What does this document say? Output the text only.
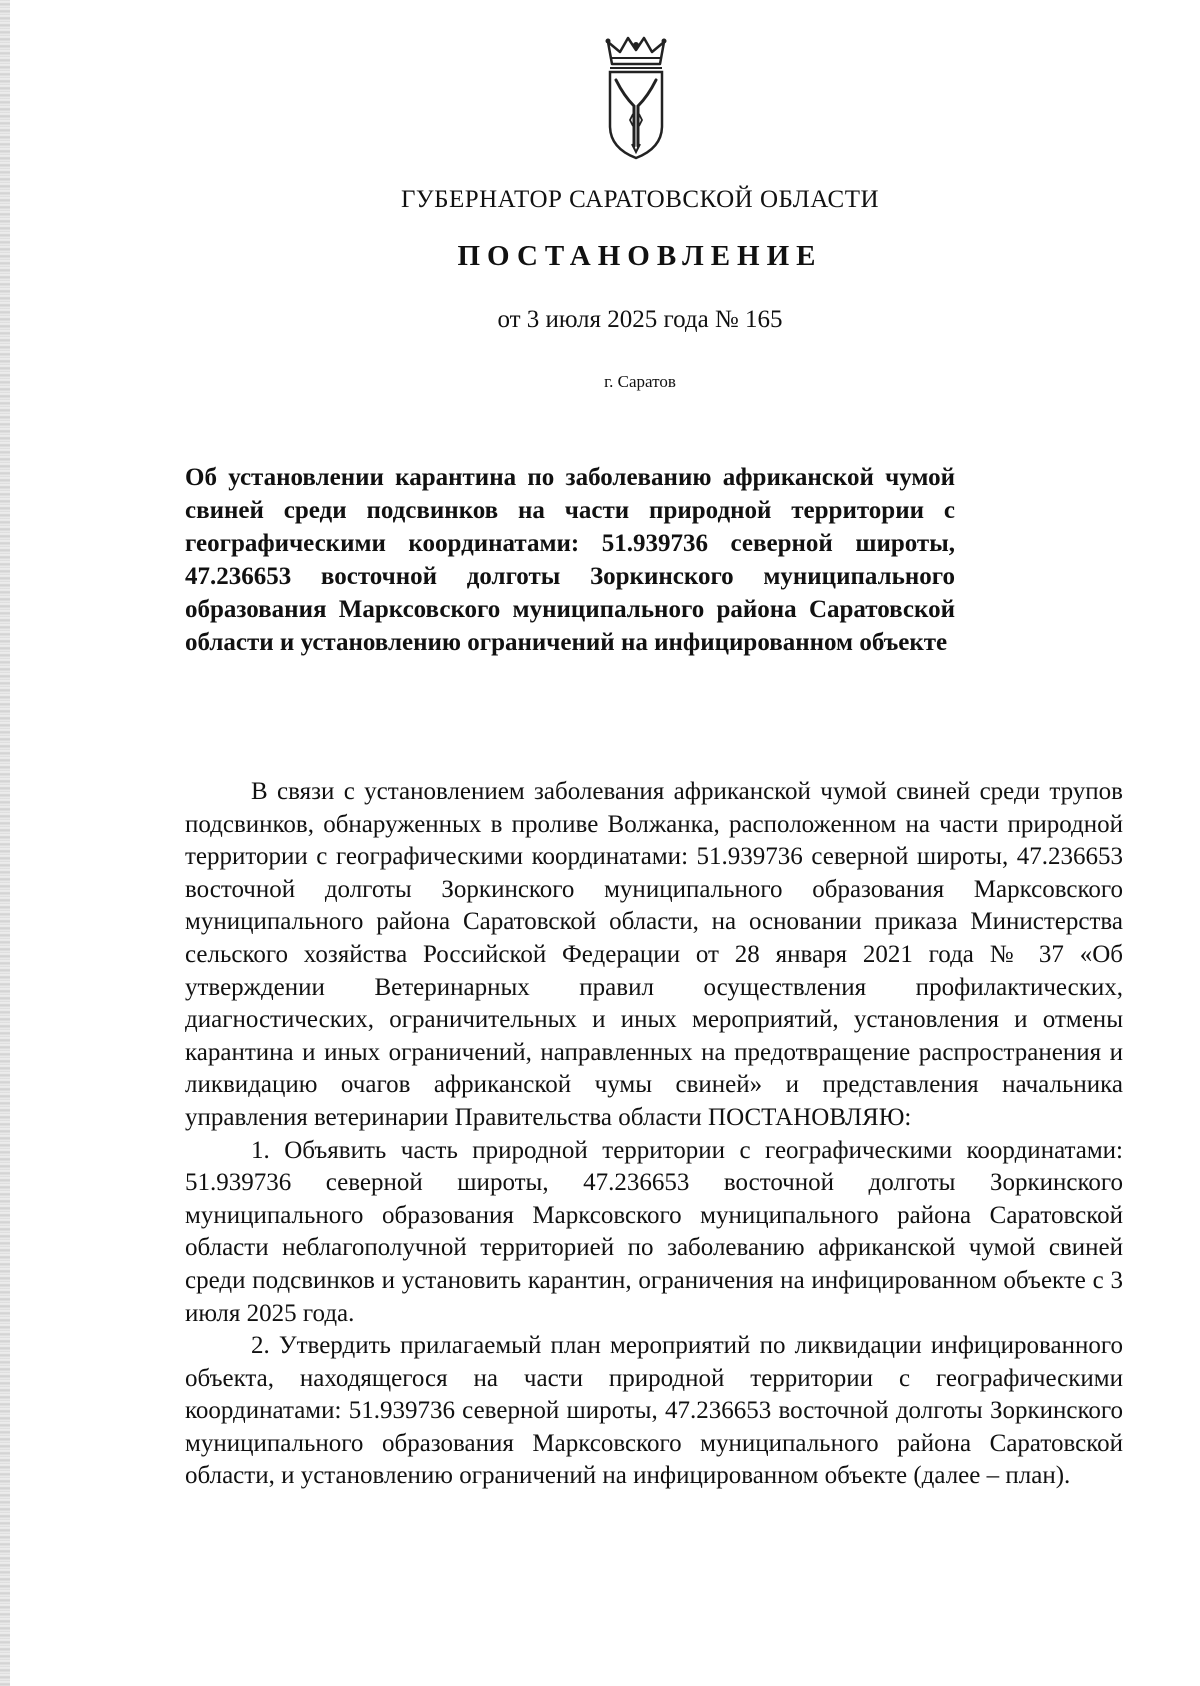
ГУБЕРНАТОР САРАТОВСКОЙ ОБЛАСТИ
ПОСТАНОВЛЕНИЕ
от 3 июля 2025 года № 165
г. Саратов

Об установлении карантина по заболеванию африканской чумой свиней среди подсвинков на части природной территории с географическими координатами: 51.939736 северной широты, 47.236653 восточной долготы Зоркинского муниципального образования Марксовского муниципального района Саратовской области и установлению ограничений на инфицированном объекте

В связи с установлением заболевания африканской чумой свиней среди трупов подсвинков, обнаруженных в проливе Волжанка, расположенном на части природной территории с географическими координатами: 51.939736 северной широты, 47.236653 восточной долготы Зоркинского муниципального образования Марксовского муниципального района Саратовской области, на основании приказа Министерства сельского хозяйства Российской Федерации от 28 января 2021 года № 37 «Об утверждении Ветеринарных правил осуществления профилактических, диагностических, ограничительных и иных мероприятий, установления и отмены карантина и иных ограничений, направленных на предотвращение распространения и ликвидацию очагов африканской чумы свиней» и представления начальника управления ветеринарии Правительства области ПОСТАНОВЛЯЮ:

1. Объявить часть природной территории с географическими координатами: 51.939736 северной широты, 47.236653 восточной долготы Зоркинского муниципального образования Марксовского муниципального района Саратовской области неблагополучной территорией по заболеванию африканской чумой свиней среди подсвинков и установить карантин, ограничения на инфицированном объекте с 3 июля 2025 года.

2. Утвердить прилагаемый план мероприятий по ликвидации инфицированного объекта, находящегося на части природной территории с географическими координатами: 51.939736 северной широты, 47.236653 восточной долготы Зоркинского муниципального образования Марксовского муниципального района Саратовской области, и установлению ограничений на инфицированном объекте (далее – план).
